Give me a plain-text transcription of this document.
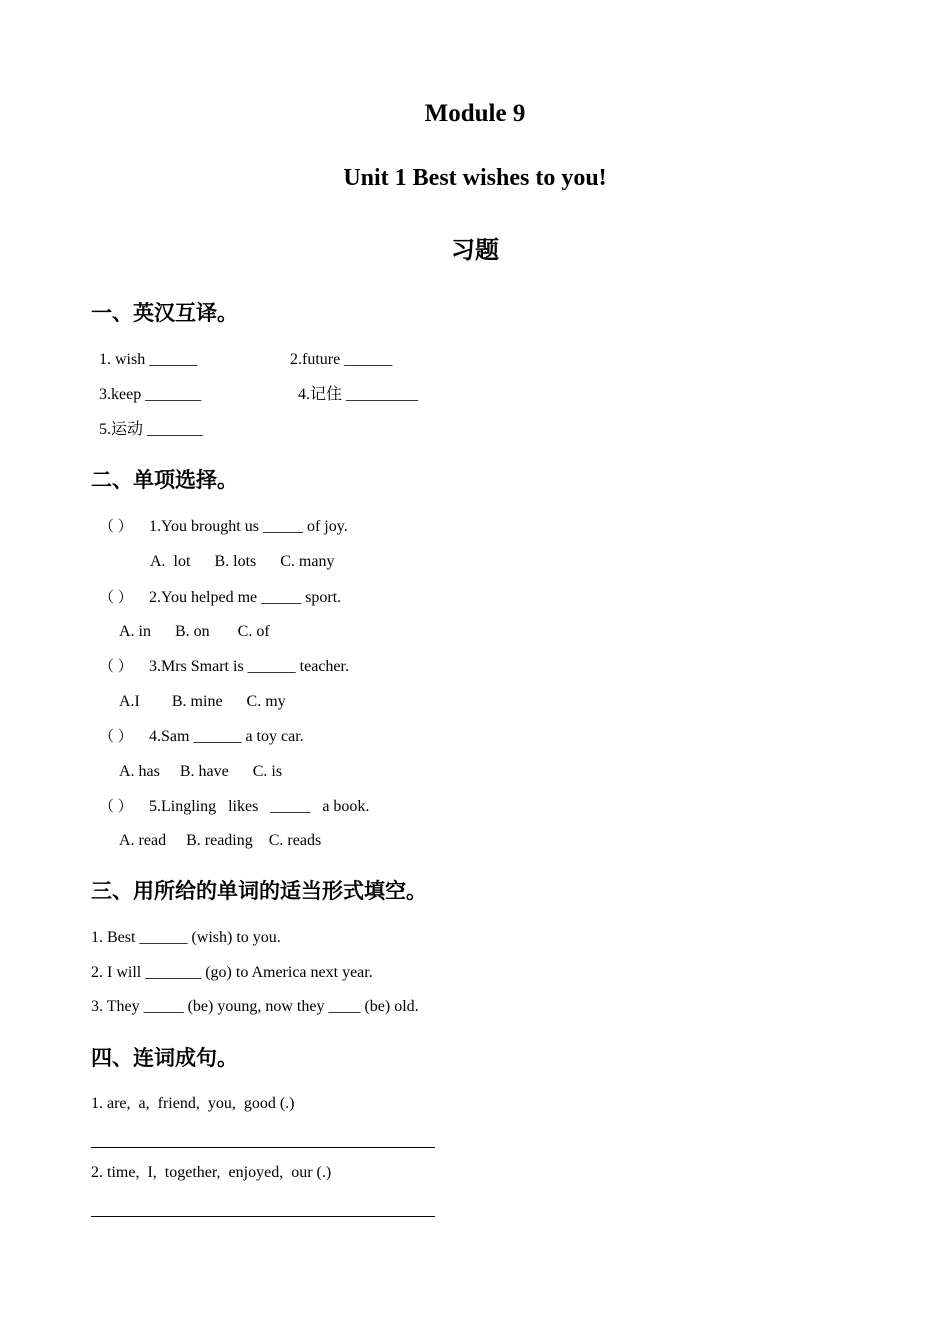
Module 9
Unit 1 Best wishes to you!
习题
一、英汉互译。
1. wish ______	2.future ______
3.keep _______	4.记住 _________
5.运动 _______
二、单项选择。
（ ） 1.You brought us _____ of joy.
A.  lot      B. lots      C. many
（ ） 2.You helped me _____ sport.
A. in      B. on       C. of
（ ） 3.Mrs Smart is ______ teacher.
A.I        B. mine      C. my
（ ） 4.Sam ______ a toy car.
A. has     B. have      C. is
（ ） 5.Lingling   likes   _____   a book.
A. read     B. reading    C. reads
三、用所给的单词的适当形式填空。
1. Best ______ (wish) to you.
2. I will _______ (go) to America next year.
3. They _____ (be) young, now they ____ (be) old.
四、连词成句。
1. are,  a,  friend,  you,  good (.)
2. time,  I,  together,  enjoyed,  our (.)
